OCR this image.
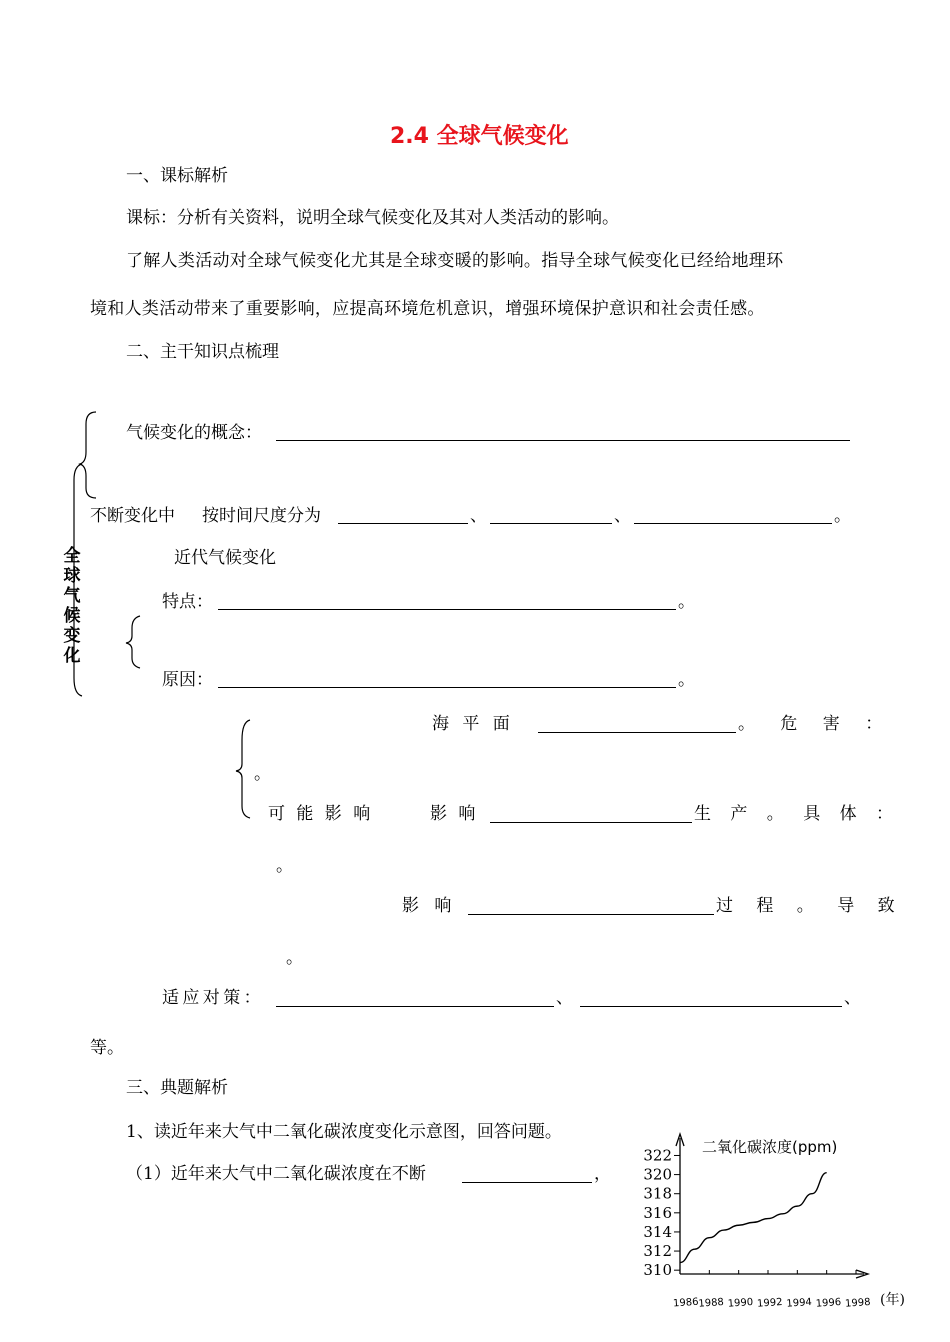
2.4 全球气候变化
一、课标解析
课标：分析有关资料，说明全球气候变化及其对人类活动的影响。
了解人类活动对全球气候变化尤其是全球变暖的影响。指导全球气候变化已经给地理环
境和人类活动带来了重要影响，应提高环境危机意识，增强环境保护意识和社会责任感。
二、主干知识点梳理
全
球
气
候
变
化
气候变化的概念：
不断变化中 按时间尺度分为	、	、	。
近代气候变化
特点：	。
原因：	。
海 平 面	。 危 害 ：
。
可 能 影 响	影 响	生 产 。 具 体 ：
。
影 响	过 程 。 导 致
。
适 应 对 策 ：	、	、
等。
三、典题解析
1、读近年来大气中二氧化碳浓度变化示意图，回答问题。
（1）近年来大气中二氧化碳浓度在不断	，
310
312
314
316
318
320
322
1986 1988 1990 1992 1994 1996 1998
二氧化碳浓度(ppm)
(年)
